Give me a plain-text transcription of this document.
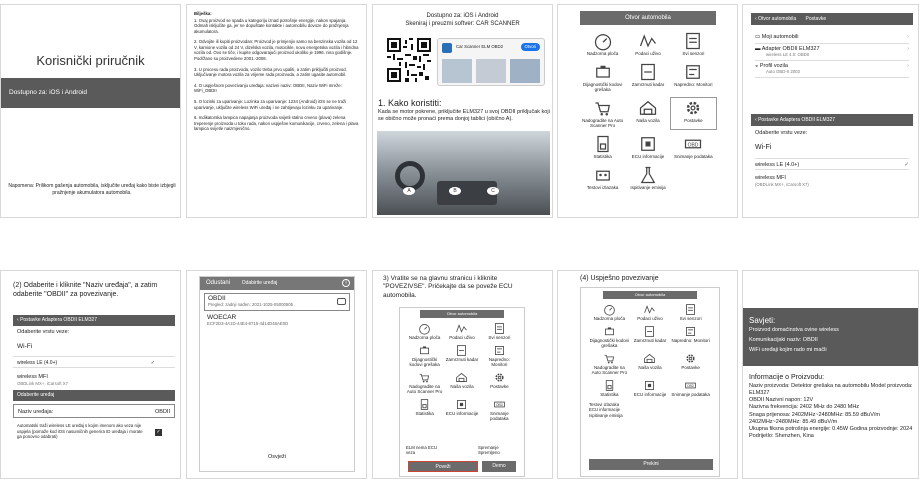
Korisnički priručnik
Dostupno za: iOS i Android
Napomena: Prilikom gašenja automobila, isključite uređaj kako biste izbjegli pražnjenje akumulatora automobila.
Bilješka:
1. Ovaj proizvod se spada u kategoriju iznad potrošnje energije, nakon spajanja. Odmah isključite ga, jer ne dopuštate kontakte i automobilu dovoze do pražnjenja akumulatora.
2. Odvojite ili kupiti proizvodan: Proizvod je primjenjiv samo na benzinska vozila od 12 V, kamione vozila od 24 V, dizelska vozila, motocikle, novu energetska vozila i hibridna vozila od. Ovo se tiče, i kupite odgovarajući proizvod ukoliko je 1996. niso godišnje. Podržano su proizvedene 2001.-2008.
3. U procesu rada proizvoda, vozilo treba prvo upaliti, a zatim priključiti proizvod. Uključivanje motora vozila za vrijeme rada proizvoda, a zatim ugasite automobil.
4. O uspješnom povezivanju uređaja: nazivni naziv: OBDII, Naziv WiFi mreže: WiFi_OBDII
5. O lozinki za uparivanje: Lozinka za uparivanje: 1234 (Android) iOS se ne traži uparivanje, uključite wireless WiFi uređaj i ne zahtijevaju lozinku za uparivanje.
6. Indikatorska lampica napajanja proizvoda svijetli stalno crveno (plava) zelena treperenje proizvoda u toku rada, nakon uspješne komunikacije, crveno, zelena i plava lampica svijetle naizmjenično.
Dostupno za: iOS i Android
Skeniraj i preuzmi softver: CAR SCANNER
Car Scanner ELM OBD2	Otvori
1. Kako koristiti:
Kada se motor pokrene, priključite ELM327 u svoj OBDII priključak koji se obično može pronaći prema donjoj tablici (obično A).
A	B	C
Otvor automobila
Nadzorna ploča	Podaci uživo	Svi senzori
Dijagnostički kodovi grešaka
Zamrznuti kadar Napredno: Monitori
Nadogradite na Auto Scanner Pro
Naša vozila	Postavke
Statistika	ECU informacije
OBD
Snimanje podataka
Testovi izlazaka	Ispitivanje emisija
‹ Otvor automobila Postavke
▭ Moji automobili	›
▬ Adapter OBDII ELM327	›
wireless LE 4.0: OBDII
◒ Profil vozila	›
Auto OBD-II 2003
‹ Postavke Adaptera OBDII ELM327
Odaberite vrstu veze:
Wi-Fi
wireless LE (4.0+)	✓
wireless MFI
(OBDLink MX+, iCarsoft X7)
(2) Odaberite i kliknite "Naziv uređaja", a zatim odaberite "OBDII" za povezivanje.
‹ Postavke Adaptera OBDII ELM327
Odaberite vrstu veze:
Wi-Fi
wireless LE (4.0+)	✓
wireless MFI
OBDLink MX+, iCarsoft X7
Odaberite uređaj
Naziv uređaja:	OBDII
Automatski traži wireless LE uređaj s kojim imenom ako veza nije uspjela (pomaže kod iOS nasumičnih generira ID uređaja i morate ga ponovno odabrati)
✓
Odustani Odabirite uređaj	i
OBDII
Pregled: zadnji nađen: 2021-1025-05000505
WOECAR
ECF2D3-4A1D-44E4-8715-4d14D46AE0D
Osvježi
3) Vratite se na glavnu stranicu i kliknite "POVEZIVSE". Pričekajte da se poveže ECU automobila.
Otvor automobila
Nadzorna ploča Podaci uživo	Svi senzori
Dijagnostički kodovi grešaka
Zamrznuti kadar	Napredno: Monitori
Nadogradite na Auto Scanner Pro
Naša vozila	Postavke
Statistika	ECU informacije
OBD
Snimanje podataka
ELM nema ECU veza
Spremanje Spremljeno
Poveži	Demo
(4) Uspješno povezivanje
Otvor automobila
Nadzorna ploča	Podaci uživo	Svi senzori
Dijagnostički kodovi grešaka
Zamrznuti kadar Napredno: Monitori
Nadogradite na Auto Scanner Pro
Naša vozila	Postavke
Statistika	ECU informacije
OBD
Snimanje podataka
Testovi izlazaka
ECU informacije
Ispitivanje emisija
Prekini
Savjeti:
Proizvod domaćinstva ovine wireless
Komunikacijski naziv: OBDII
WiFi uređaji kojim rado mi mačli
Informacije o Proizvodu:
Naziv proizvoda: Detektor grešaka na automobilu Model proizvoda: ELM327
OBDII Nazivni napon: 12V
Nazivna frekvencija: 2402 MHz do 2480 MHz
Snaga prijenosa: 2402MHz~2480MHz: 85.59 dBuV/m 2402MHz~2480MHz: 85.49 dBuV/m
Ukupna fiksna potrošnja energije: 0.45W Godina proizvodnje: 2024
Podrijetlo: Shenzhen, Kina
